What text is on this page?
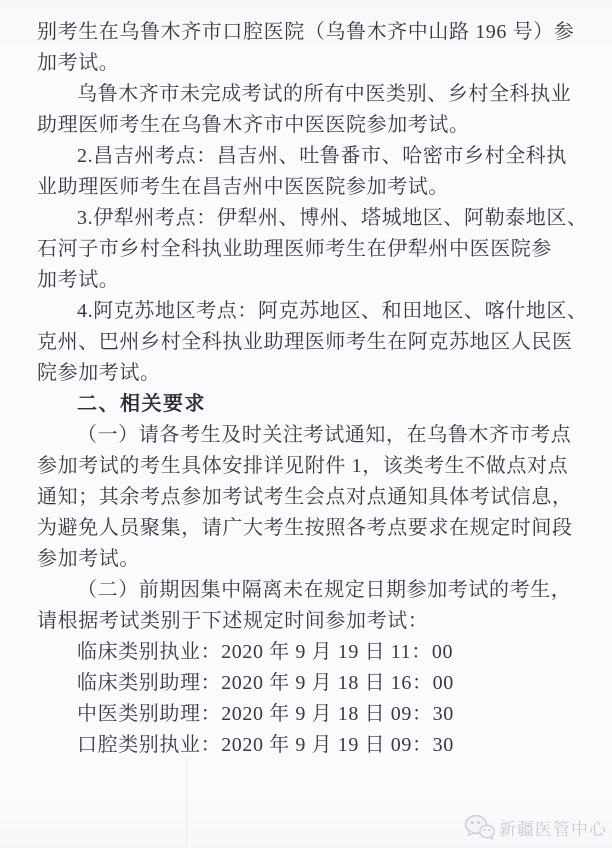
别考生在乌鲁木齐市口腔医院（乌鲁木齐中山路 196 号）参

加考试。

乌鲁木齐市未完成考试的所有中医类别、乡村全科执业

助理医师考生在乌鲁木齐市中医医院参加考试。

2.昌吉州考点：昌吉州、吐鲁番市、哈密市乡村全科执

业助理医师考生在昌吉州中医医院参加考试。

3.伊犁州考点：伊犁州、博州、塔城地区、阿勒泰地区、

石河子市乡村全科执业助理医师考生在伊犁州中医医院参

加考试。

4.阿克苏地区考点：阿克苏地区、和田地区、喀什地区、

克州、巴州乡村全科执业助理医师考生在阿克苏地区人民医

院参加考试。

二、相关要求

（一）请各考生及时关注考试通知，在乌鲁木齐市考点

参加考试的考生具体安排详见附件 1，该类考生不做点对点

通知；其余考点参加考试考生会点对点通知具体考试信息，

为避免人员聚集，请广大考生按照各考点要求在规定时间段

参加考试。

（二）前期因集中隔离未在规定日期参加考试的考生，

请根据考试类别于下述规定时间参加考试：

临床类别执业：2020 年 9 月 19 日 11：00

临床类别助理：2020 年 9 月 18 日 16：00

中医类别助理：2020 年 9 月 18 日 09：30

口腔类别执业：2020 年 9 月 19 日 09：30

新疆医管中心
